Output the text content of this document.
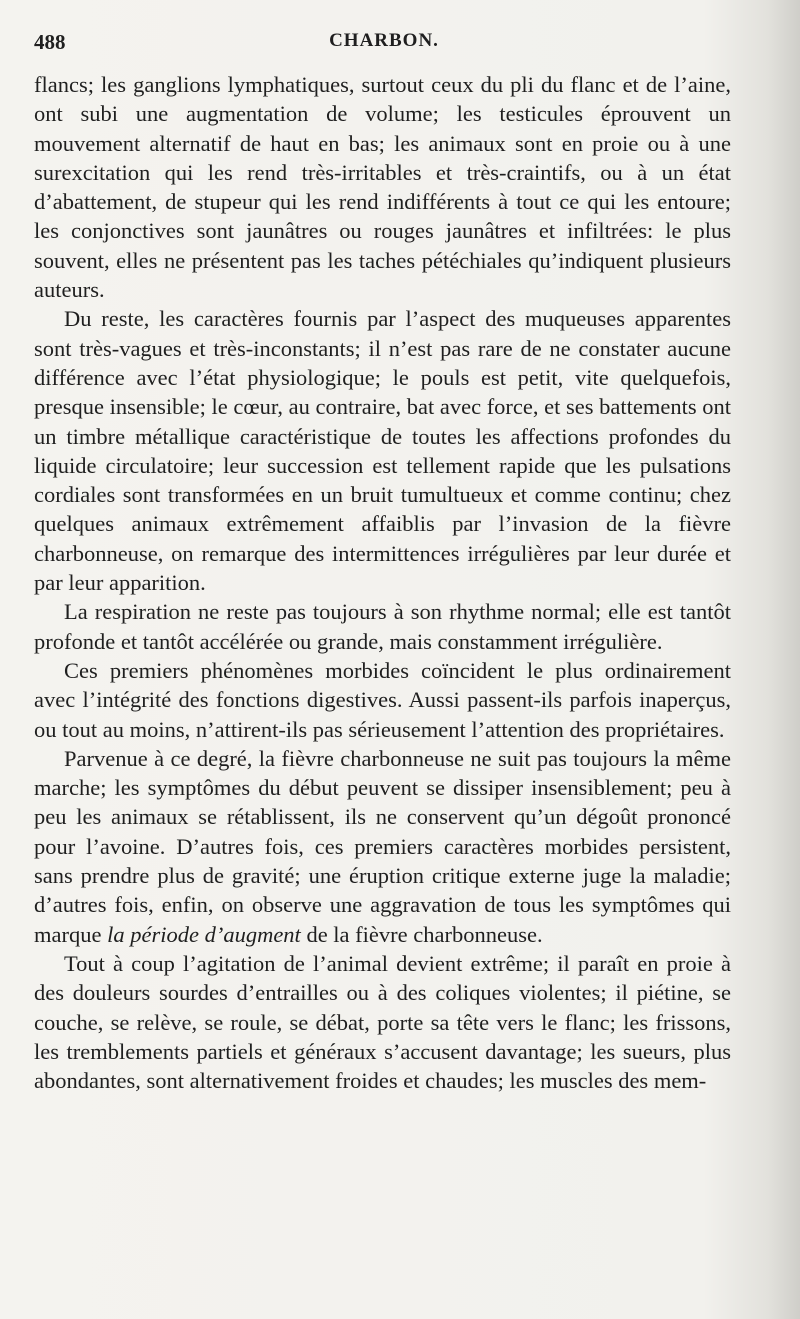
488	CHARBON.

flancs; les ganglions lymphatiques, surtout ceux du pli du flanc et de l’aine, ont subi une augmentation de volume; les testicules éprouvent un mouvement alternatif de haut en bas; les animaux sont en proie ou à une surexcitation qui les rend très-irritables et très-craintifs, ou à un état d’abattement, de stupeur qui les rend indifférents à tout ce qui les entoure; les conjonctives sont jaunâtres ou rouges jaunâtres et infiltrées: le plus souvent, elles ne présentent pas les taches pétéchiales qu’indiquent plusieurs auteurs.

Du reste, les caractères fournis par l’aspect des muqueuses apparentes sont très-vagues et très-inconstants; il n’est pas rare de ne constater aucune différence avec l’état physiologique; le pouls est petit, vite quelquefois, presque insensible; le cœur, au contraire, bat avec force, et ses battements ont un timbre métallique caractéristique de toutes les affections profondes du liquide circulatoire; leur succession est tellement rapide que les pulsations cordiales sont transformées en un bruit tumultueux et comme continu; chez quelques animaux extrêmement affaiblis par l’invasion de la fièvre charbonneuse, on remarque des intermittences irrégulières par leur durée et par leur apparition.

La respiration ne reste pas toujours à son rhythme normal; elle est tantôt profonde et tantôt accélérée ou grande, mais constamment irrégulière.

Ces premiers phénomènes morbides coïncident le plus ordinairement avec l’intégrité des fonctions digestives. Aussi passent-ils parfois inaperçus, ou tout au moins, n’attirent-ils pas sérieusement l’attention des propriétaires.

Parvenue à ce degré, la fièvre charbonneuse ne suit pas toujours la même marche; les symptômes du début peuvent se dissiper insensiblement; peu à peu les animaux se rétablissent, ils ne conservent qu’un dégoût prononcé pour l’avoine. D’autres fois, ces premiers caractères morbides persistent, sans prendre plus de gravité; une éruption critique externe juge la maladie; d’autres fois, enfin, on observe une aggravation de tous les symptômes qui marque la période d’augment de la fièvre charbonneuse.

Tout à coup l’agitation de l’animal devient extrême; il paraît en proie à des douleurs sourdes d’entrailles ou à des coliques violentes; il piétine, se couche, se relève, se roule, se débat, porte sa tête vers le flanc; les frissons, les tremblements partiels et généraux s’accusent davantage; les sueurs, plus abondantes, sont alternativement froides et chaudes; les muscles des mem-
